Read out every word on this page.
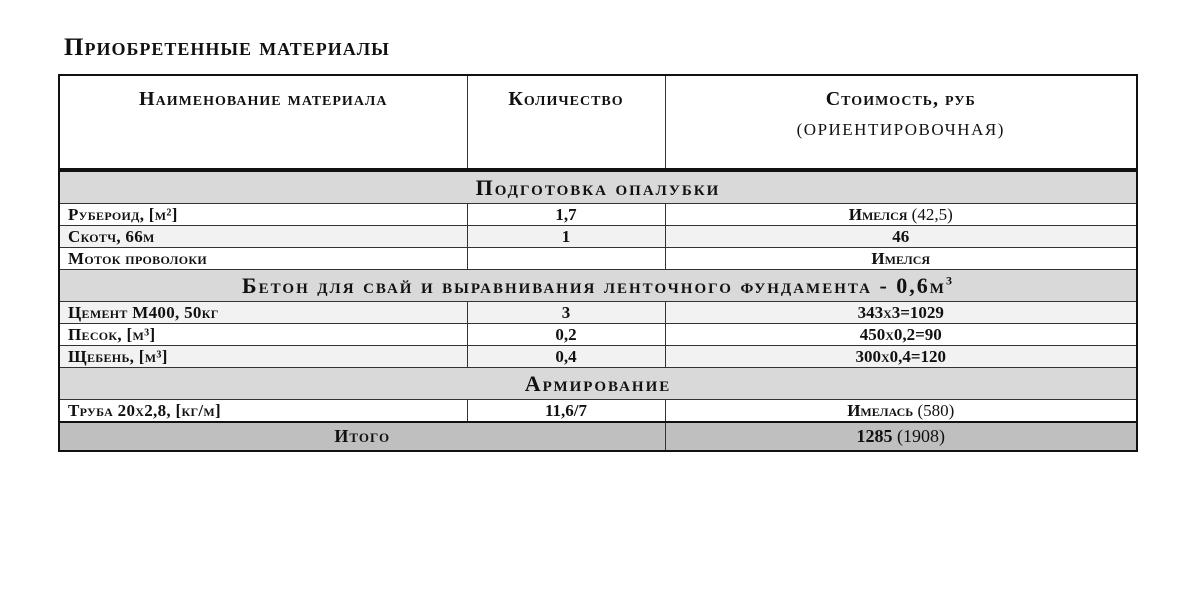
Приобретенные материалы
Наименование материала	Количество	Стоимость, руб
(ОРИЕНТИРОВОЧНАЯ)
Подготовка опалубки		
Рубероид, [м²]	1,7	Имелся (42,5)
Скотч, 66м	1	46
Моток проволоки		Имелся
Бетон для свай и выравнивания ленточного фундамента - $0,6м^3$
Цемент М400, 50кг	3	343х3=1029
Песок, [м³]	0,2	450х0,2=90
Щебень, [м³]	0,4	300х0,4=120
Армирование		
Труба 20х2,8, [кг/м]	11,6/7	Имелась (580)
Итого		1285 (1908)
